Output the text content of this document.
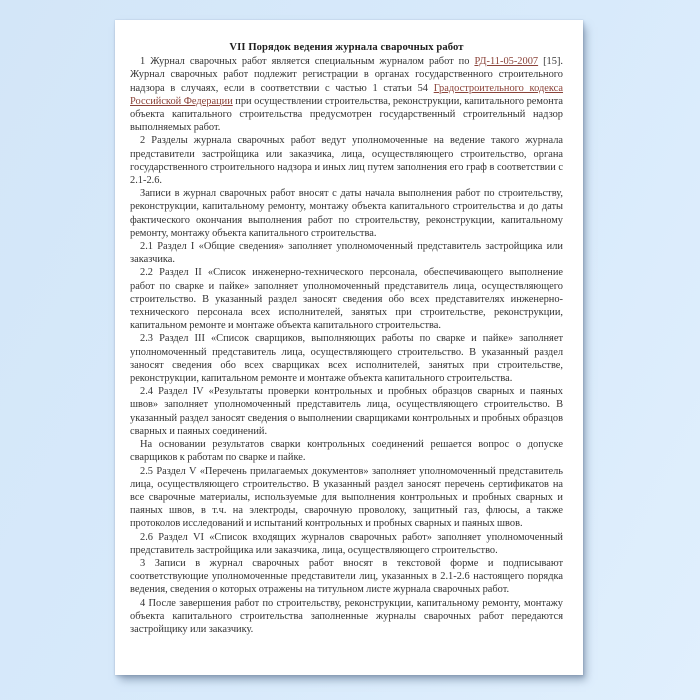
VII Порядок ведения журнала сварочных работ

1 Журнал сварочных работ является специальным журналом работ по РД-11-05-2007 [15]. Журнал сварочных работ подлежит регистрации в органах государственного строительного надзора в случаях, если в соответствии с частью 1 статьи 54 Градостроительного кодекса Российской Федерации при осуществлении строительства, реконструкции, капитального ремонта объекта капитального строительства предусмотрен государственный строительный надзор выполняемых работ.

2 Разделы журнала сварочных работ ведут уполномоченные на ведение такого журнала представители застройщика или заказчика, лица, осуществляющего строительство, органа государственного строительного надзора и иных лиц путем заполнения его граф в соответствии с 2.1-2.6.

Записи в журнал сварочных работ вносят с даты начала выполнения работ по строительству, реконструкции, капитальному ремонту, монтажу объекта капитального строительства и до даты фактического окончания выполнения работ по строительству, реконструкции, капитальному ремонту, монтажу объекта капитального строительства.

2.1 Раздел I «Общие сведения» заполняет уполномоченный представитель застройщика или заказчика.

2.2 Раздел II «Список инженерно-технического персонала, обеспечивающего выполнение работ по сварке и пайке» заполняет уполномоченный представитель лица, осуществляющего строительство. В указанный раздел заносят сведения обо всех представителях инженерно-технического персонала всех исполнителей, занятых при строительстве, реконструкции, капитальном ремонте и монтаже объекта капитального строительства.

2.3 Раздел III «Список сварщиков, выполняющих работы по сварке и пайке» заполняет уполномоченный представитель лица, осуществляющего строительство. В указанный раздел заносят сведения обо всех сварщиках всех исполнителей, занятых при строительстве, реконструкции, капитальном ремонте и монтаже объекта капитального строительства.

2.4 Раздел IV «Результаты проверки контрольных и пробных образцов сварных и паяных швов» заполняет уполномоченный представитель лица, осуществляющего строительство. В указанный раздел заносят сведения о выполнении сварщиками контрольных и пробных образцов сварных и паяных соединений.

На основании результатов сварки контрольных соединений решается вопрос о допуске сварщиков к работам по сварке и пайке.

2.5 Раздел V «Перечень прилагаемых документов» заполняет уполномоченный представитель лица, осуществляющего строительство. В указанный раздел заносят перечень сертификатов на все сварочные материалы, используемые для выполнения контрольных и пробных сварных и паяных швов, в т.ч. на электроды, сварочную проволоку, защитный газ, флюсы, а также протоколов исследований и испытаний контрольных и пробных сварных и паяных швов.

2.6 Раздел VI «Список входящих журналов сварочных работ» заполняет уполномоченный представитель застройщика или заказчика, лица, осуществляющего строительство.

3 Записи в журнал сварочных работ вносят в текстовой форме и подписывают соответствующие уполномоченные представители лиц, указанных в 2.1-2.6 настоящего порядка ведения, сведения о которых отражены на титульном листе журнала сварочных работ.

4 После завершения работ по строительству, реконструкции, капитальному ремонту, монтажу объекта капитального строительства заполненные журналы сварочных работ передаются застройщику или заказчику.
